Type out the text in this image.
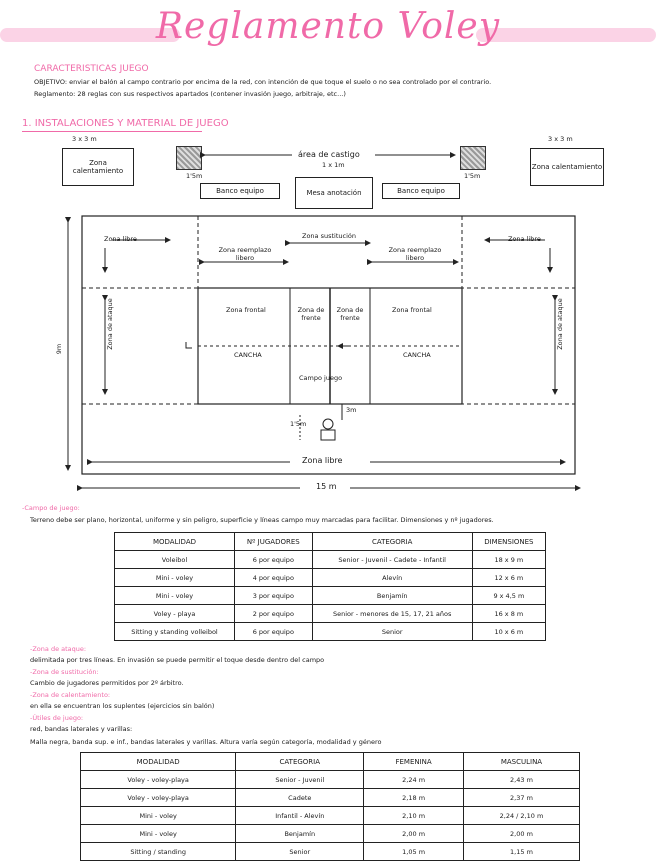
Reglamento Voley
CARACTERISTICAS JUEGO
OBJETIVO: enviar el balón al campo contrario por encima de la red, con intención de que toque el suelo o no sea controlado por el contrario.
Reglamento: 28 reglas con sus respectivos apartados (contener invasión juego, arbitraje, etc...)
1. INSTALACIONES Y MATERIAL DE JUEGO
3 x 3 m
Zona calentamiento
3 x 3 m
Zona calentamiento
área de castigo
1 x 1m
1'5m	1'5m
Banco equipo	Mesa anotación	Banco equipo
Zona libre	Zona libre
Zona sustitución
Zona reemplazo libero
Zona reemplazo libero
Zona frontal	Zona frontal
Zona de frente
Zona de frente
CANCHA	CANCHA
Campo juego
3m
1'5m
Zona de ataque	Zona de ataque
9m
Zona libre
15 m
-Campo de juego:
Terreno debe ser plano, horizontal, uniforme y sin peligro, superficie y líneas campo muy marcadas para facilitar. Dimensiones y nº jugadores.
MODALIDAD	Nº JUGADORES	CATEGORIA	DIMENSIONES
Voleibol	6 por equipo	Senior - Juvenil - Cadete - Infantil	18 x 9 m
Mini - voley	4 por equipo	Alevín	12 x 6 m
Mini - voley	3 por equipo	Benjamín	9 x 4,5 m
Voley - playa	2 por equipo	Senior - menores de 15, 17, 21 años	16 x 8 m
Sitting y standing volleibol	6 por equipo	Senior	10 x 6 m
-Zona de ataque:
delimitada por tres líneas. En invasión se puede permitir el toque desde dentro del campo
-Zona de sustitución:
Cambio de jugadores permitidos por 2º árbitro.
-Zona de calentamiento:
en ella se encuentran los suplentes (ejercicios sin balón)
-Útiles de juego:
red, bandas laterales y varillas:
Malla negra, banda sup. e inf., bandas laterales y varillas. Altura varía según categoría, modalidad y género
MODALIDAD	CATEGORIA	FEMENINA	MASCULINA
Voley - voley-playa	Senior - Juvenil	2,24 m	2,43 m
Voley - voley-playa	Cadete	2,18 m	2,37 m
Mini - voley	Infantil - Alevín	2,10 m	2,24 / 2,10 m
Mini - voley	Benjamín	2,00 m	2,00 m
Sitting / standing	Senior	1,05 m	1,15 m
